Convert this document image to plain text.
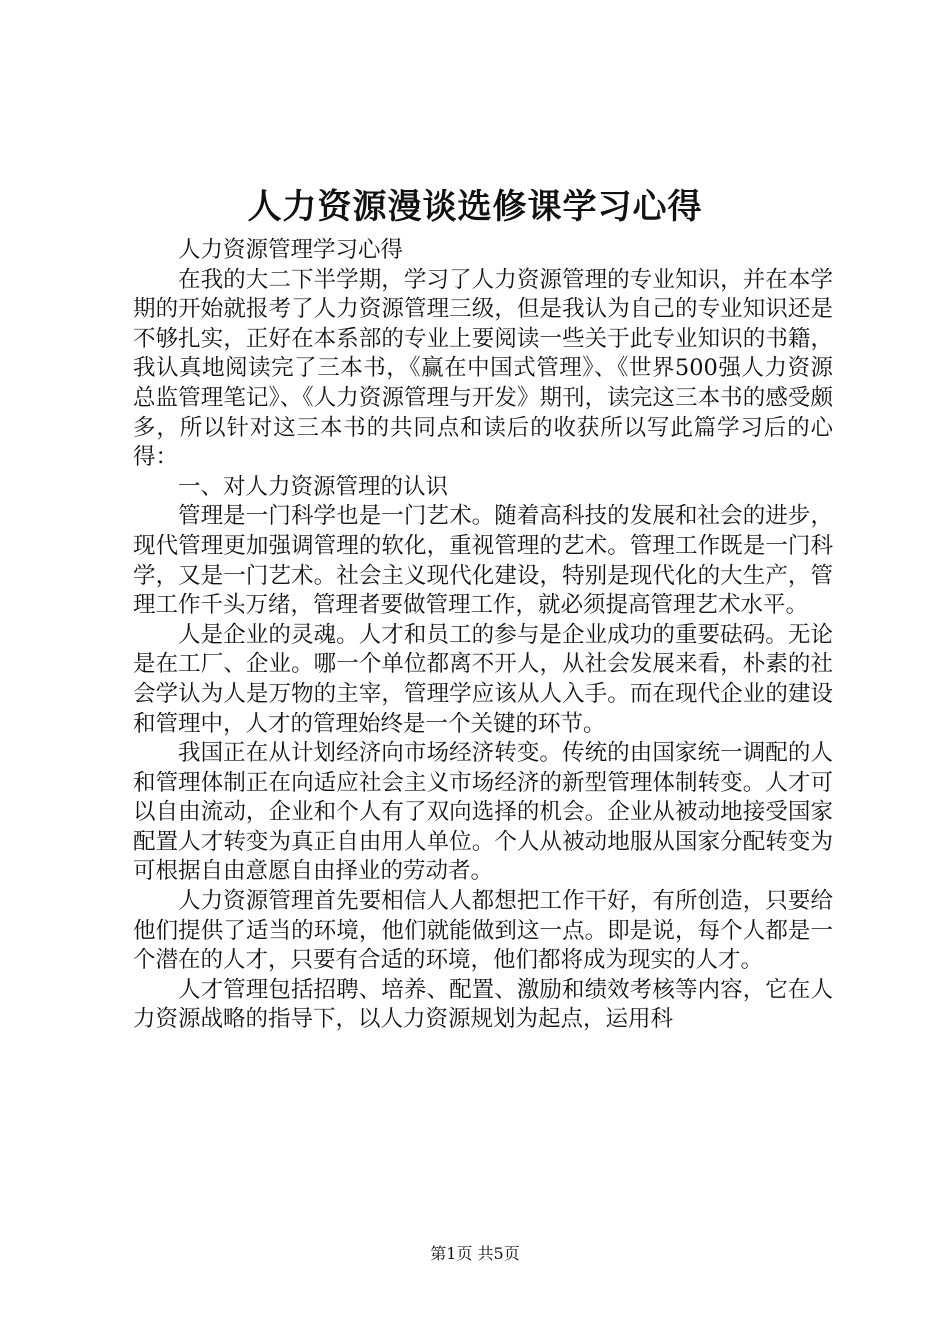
人力资源漫谈选修课学习心得

人力资源管理学习心得

在我的大二下半学期，学习了人力资源管理的专业知识，并在本学期的开始就报考了人力资源管理三级，但是我认为自己的专业知识还是不够扎实，正好在本系部的专业上要阅读一些关于此专业知识的书籍，我认真地阅读完了三本书，《赢在中国式管理》、《世界500强人力资源总监管理笔记》、《人力资源管理与开发》期刊，读完这三本书的感受颇多，所以针对这三本书的共同点和读后的收获所以写此篇学习后的心得：

一、对人力资源管理的认识

管理是一门科学也是一门艺术。随着高科技的发展和社会的进步，现代管理更加强调管理的软化，重视管理的艺术。管理工作既是一门科学，又是一门艺术。社会主义现代化建设，特别是现代化的大生产，管理工作千头万绪，管理者要做管理工作，就必须提高管理艺术水平。

人是企业的灵魂。人才和员工的参与是企业成功的重要砝码。无论是在工厂、企业。哪一个单位都离不开人，从社会发展来看，朴素的社会学认为人是万物的主宰，管理学应该从人入手。而在现代企业的建设和管理中，人才的管理始终是一个关键的环节。

我国正在从计划经济向市场经济转变。传统的由国家统一调配的人和管理体制正在向适应社会主义市场经济的新型管理体制转变。人才可以自由流动，企业和个人有了双向选择的机会。企业从被动地接受国家配置人才转变为真正自由用人单位。个人从被动地服从国家分配转变为可根据自由意愿自由择业的劳动者。

人力资源管理首先要相信人人都想把工作干好，有所创造，只要给他们提供了适当的环境，他们就能做到这一点。即是说，每个人都是一个潜在的人才，只要有合适的环境，他们都将成为现实的人才。

人才管理包括招聘、培养、配置、激励和绩效考核等内容，它在人力资源战略的指导下，以人力资源规划为起点，运用科

第1页 共5页
